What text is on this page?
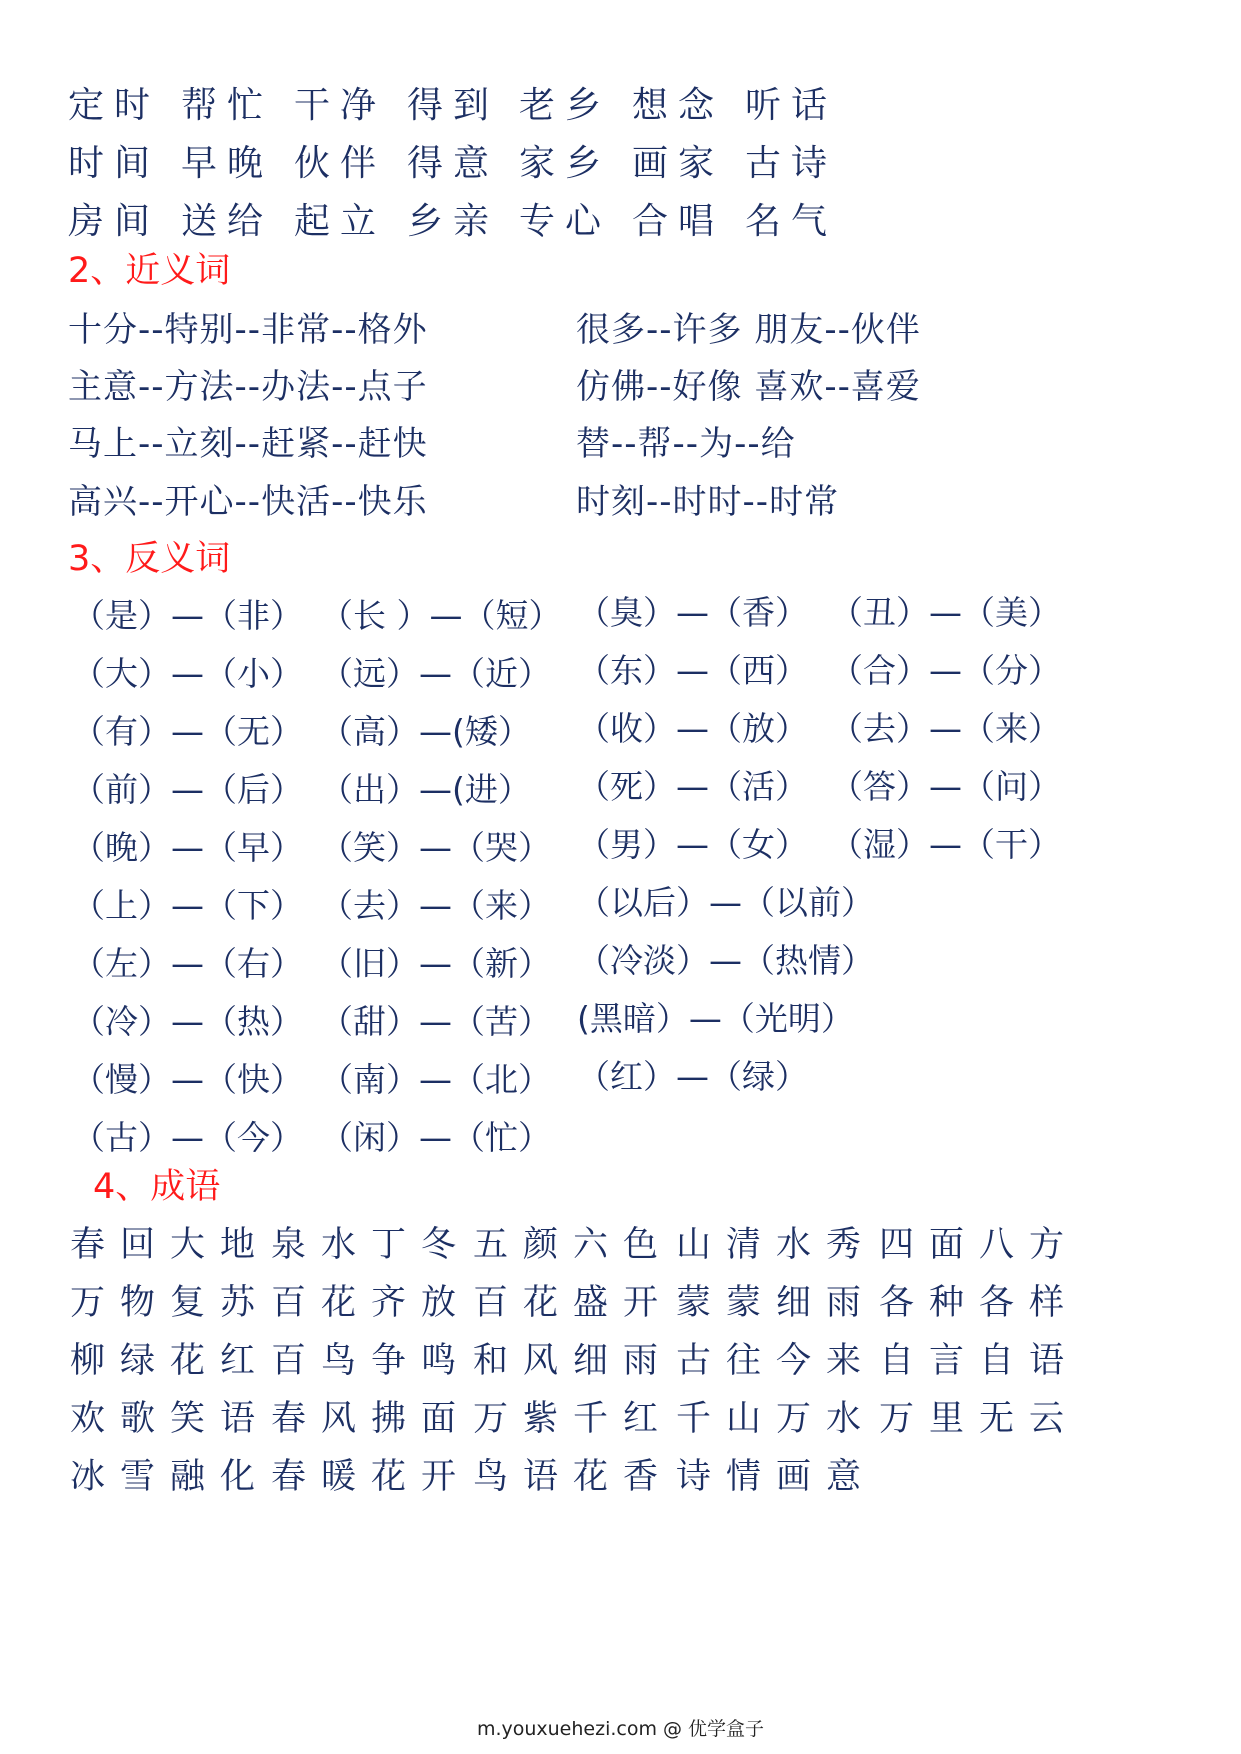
定时 帮忙 干净 得到 老乡 想念 听话
时间 早晚 伙伴 得意 家乡 画家 古诗
房间 送给 起立 乡亲 专心 合唱 名气
2、近义词
十分--特别--非常--格外
主意--方法--办法--点子
马上--立刻--赶紧--赶快
高兴--开心--快活--快乐
很多--许多 朋友--伙伴
仿佛--好像 喜欢--喜爱
替--帮--为--给
时刻--时时--时常
3、反义词
（是）—（非）
（大）—（小）
（有）—（无）
（前）—（后）
（晚）—（早）
（上）—（下）
（左）—（右）
（冷）—（热）
（慢）—（快）
（古）—（今）
（长 ）—（短）
（远）—（近）
（高）—(矮）
（出）—(进）
（笑）—（哭）
（去）—（来）
（旧）—（新）
（甜）—（苦）
（南）—（北）
（闲）—（忙）
（臭）—（香）
（东）—（西）
（收）—（放）
（死）—（活）
（男）—（女）
（以后）—（以前）
（冷淡）—（热情）
(黑暗）—（光明）
（红）—（绿）
（丑）—（美）
（合）—（分）
（去）—（来）
（答）—（问）
（湿）—（干）
4、成语
春回大地 泉水丁冬 五颜六色 山清水秀 四面八方
万物复苏 百花齐放 百花盛开 蒙蒙细雨 各种各样
柳绿花红 百鸟争鸣 和风细雨 古往今来 自言自语
欢歌笑语 春风拂面 万紫千红 千山万水 万里无云
冰雪融化 春暖花开 鸟语花香 诗情画意
m.youxuehezi.com @ 优学盒子
